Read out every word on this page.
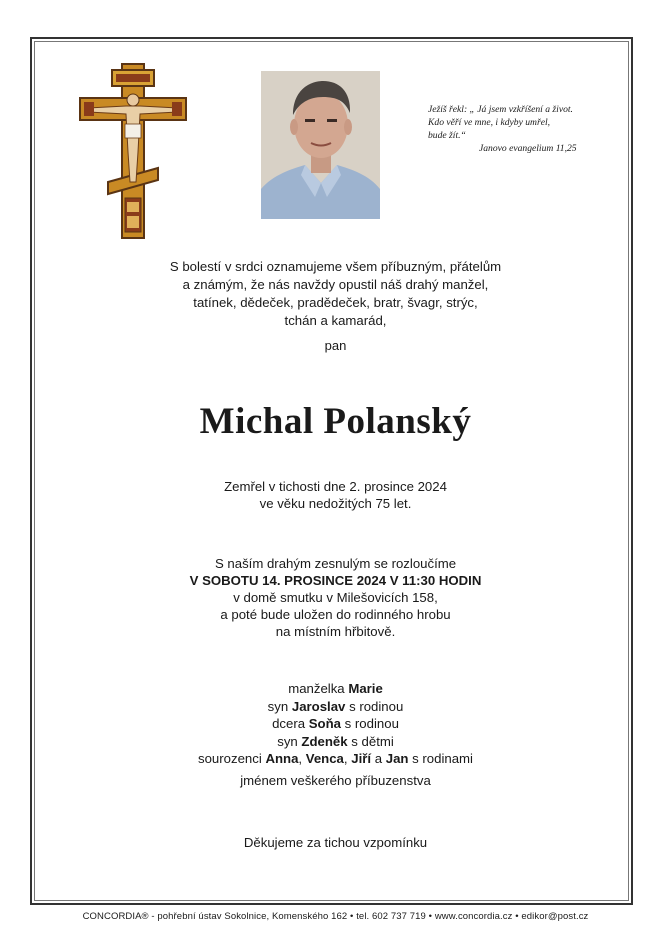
Ježíš řekl: „ Já jsem vzkříšení a život.
Kdo věří ve mne, i kdyby umřel,
bude žít.“
Janovo evangelium 11,25
S bolestí v srdci oznamujeme všem příbuzným, přátelům
a známým, že nás navždy opustil náš drahý manžel,
tatínek, dědeček, pradědeček, bratr, švagr, strýc,
tchán a kamarád,
pan
Michal Polanský
Zemřel v tichosti dne 2. prosince 2024
ve věku nedožitých 75 let.
S naším drahým zesnulým se rozloučíme
V SOBOTU 14. PROSINCE 2024 V 11:30 HODIN
v domě smutku v Milešovicích 158,
a poté bude uložen do rodinného hrobu
na místním hřbitově.
manželka Marie
syn Jaroslav s rodinou
dcera Soňa s rodinou
syn Zdeněk s dětmi
sourozenci Anna, Venca, Jiří a Jan s rodinami
jménem veškerého příbuzenstva
Děkujeme za tichou vzpomínku
CONCORDIA® - pohřební ústav Sokolnice, Komenského 162 • tel. 602 737 719 • www.concordia.cz • edikor@post.cz
